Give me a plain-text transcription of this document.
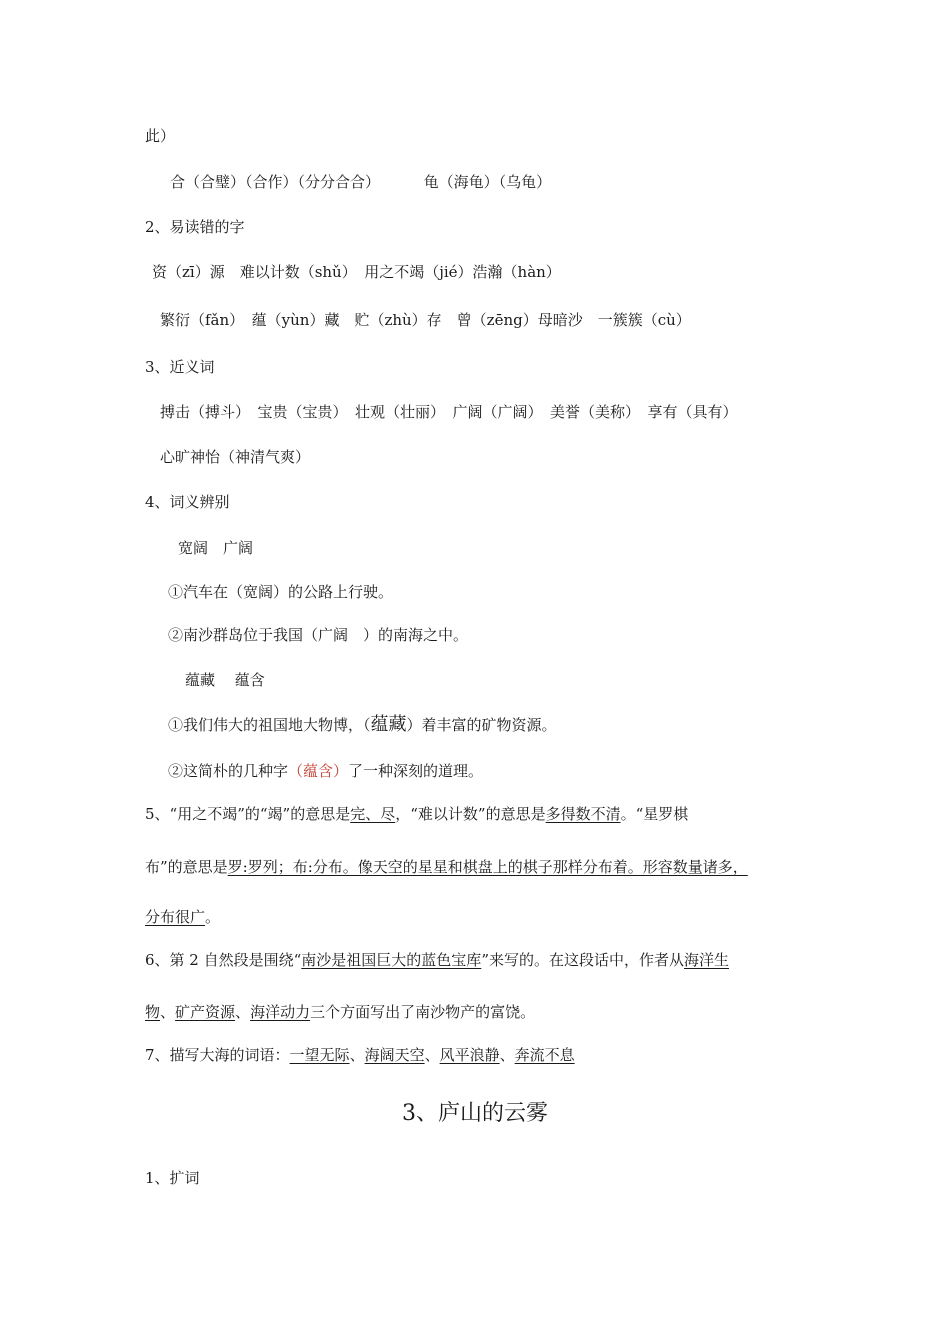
此）
合（合璧）（合作）（分分合合）	龟（海龟）（乌龟）
2、易读错的字
资（zī）源　难以计数（shǔ）　用之不竭（jié）浩瀚（hàn）
繁衍（fǎn）　蕴（yùn）藏　贮（zhù）存　曾（zēng）母暗沙　一簇簇（cù）
3、近义词
搏击（搏斗）　宝贵（宝贵）　壮观（壮丽）　广阔（广阔）　美誉（美称）　享有（具有）
心旷神怡（神清气爽）
4、词义辨别
宽阔　广阔
①汽车在（宽阔）的公路上行驶。
②南沙群岛位于我国（广阔　）的南海之中。
蕴藏　 蕴含
①我们伟大的祖国地大物博，（蕴藏）着丰富的矿物资源。
②这简朴的几种字（蕴含）了一种深刻的道理。
5、“用之不竭”的“竭”的意思是完、尽，“难以计数”的意思是多得数不清。“星罗棋
布”的意思是罗:罗列；布:分布。像天空的星星和棋盘上的棋子那样分布着。形容数量诸多，
分布很广。
6、第 2 自然段是围绕“南沙是祖国巨大的蓝色宝库”来写的。在这段话中，作者从海洋生
物、矿产资源、海洋动力三个方面写出了南沙物产的富饶。
7、描写大海的词语：一望无际、海阔天空、风平浪静、奔流不息
3、庐山的云雾
1、扩词
